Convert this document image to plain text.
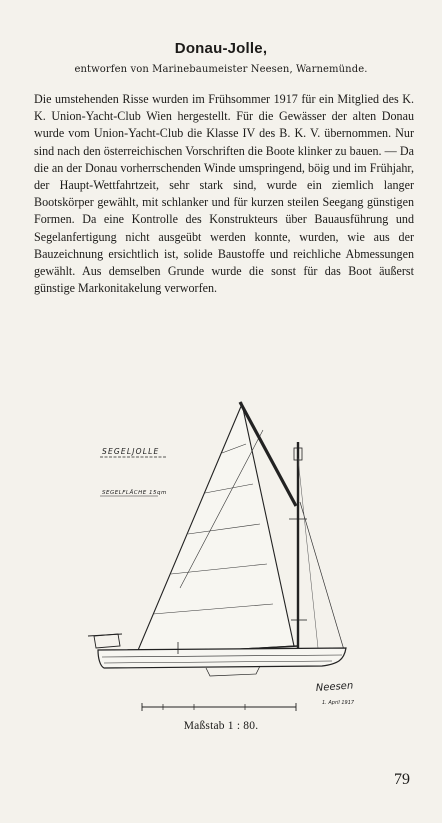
Donau-Jolle,
entworfen von Marinebaumeister Neesen, Warnemünde.
Die umstehenden Risse wurden im Frühsommer 1917 für ein Mitglied des K. K. Union-Yacht-Club Wien hergestellt. Für die Gewässer der alten Donau wurde vom Union-Yacht-Club die Klasse IV des B. K. V. übernommen. Nur sind nach den österreichischen Vorschriften die Boote klinker zu bauen. — Da die an der Donau vorherrschenden Winde umspringend, böig und im Frühjahr, der Haupt-Wettfahrtzeit, sehr stark sind, wurde ein ziemlich langer Bootskörper gewählt, mit schlanker und für kurzen steilen Seegang günstigen Formen. Da eine Kontrolle des Konstrukteurs über Bauausführung und Segelanfertigung nicht ausgeübt werden konnte, wurden, wie aus der Bauzeichnung ersichtlich ist, solide Baustoffe und reichliche Abmessungen gewählt. Aus demselben Grunde wurde die sonst für das Boot äußerst günstige Markonitakelung verworfen.
SEGELJOLLE
SEGELFLÄCHE 15qm
Neesen
1. April 1917
Maßstab 1 : 80.
79
